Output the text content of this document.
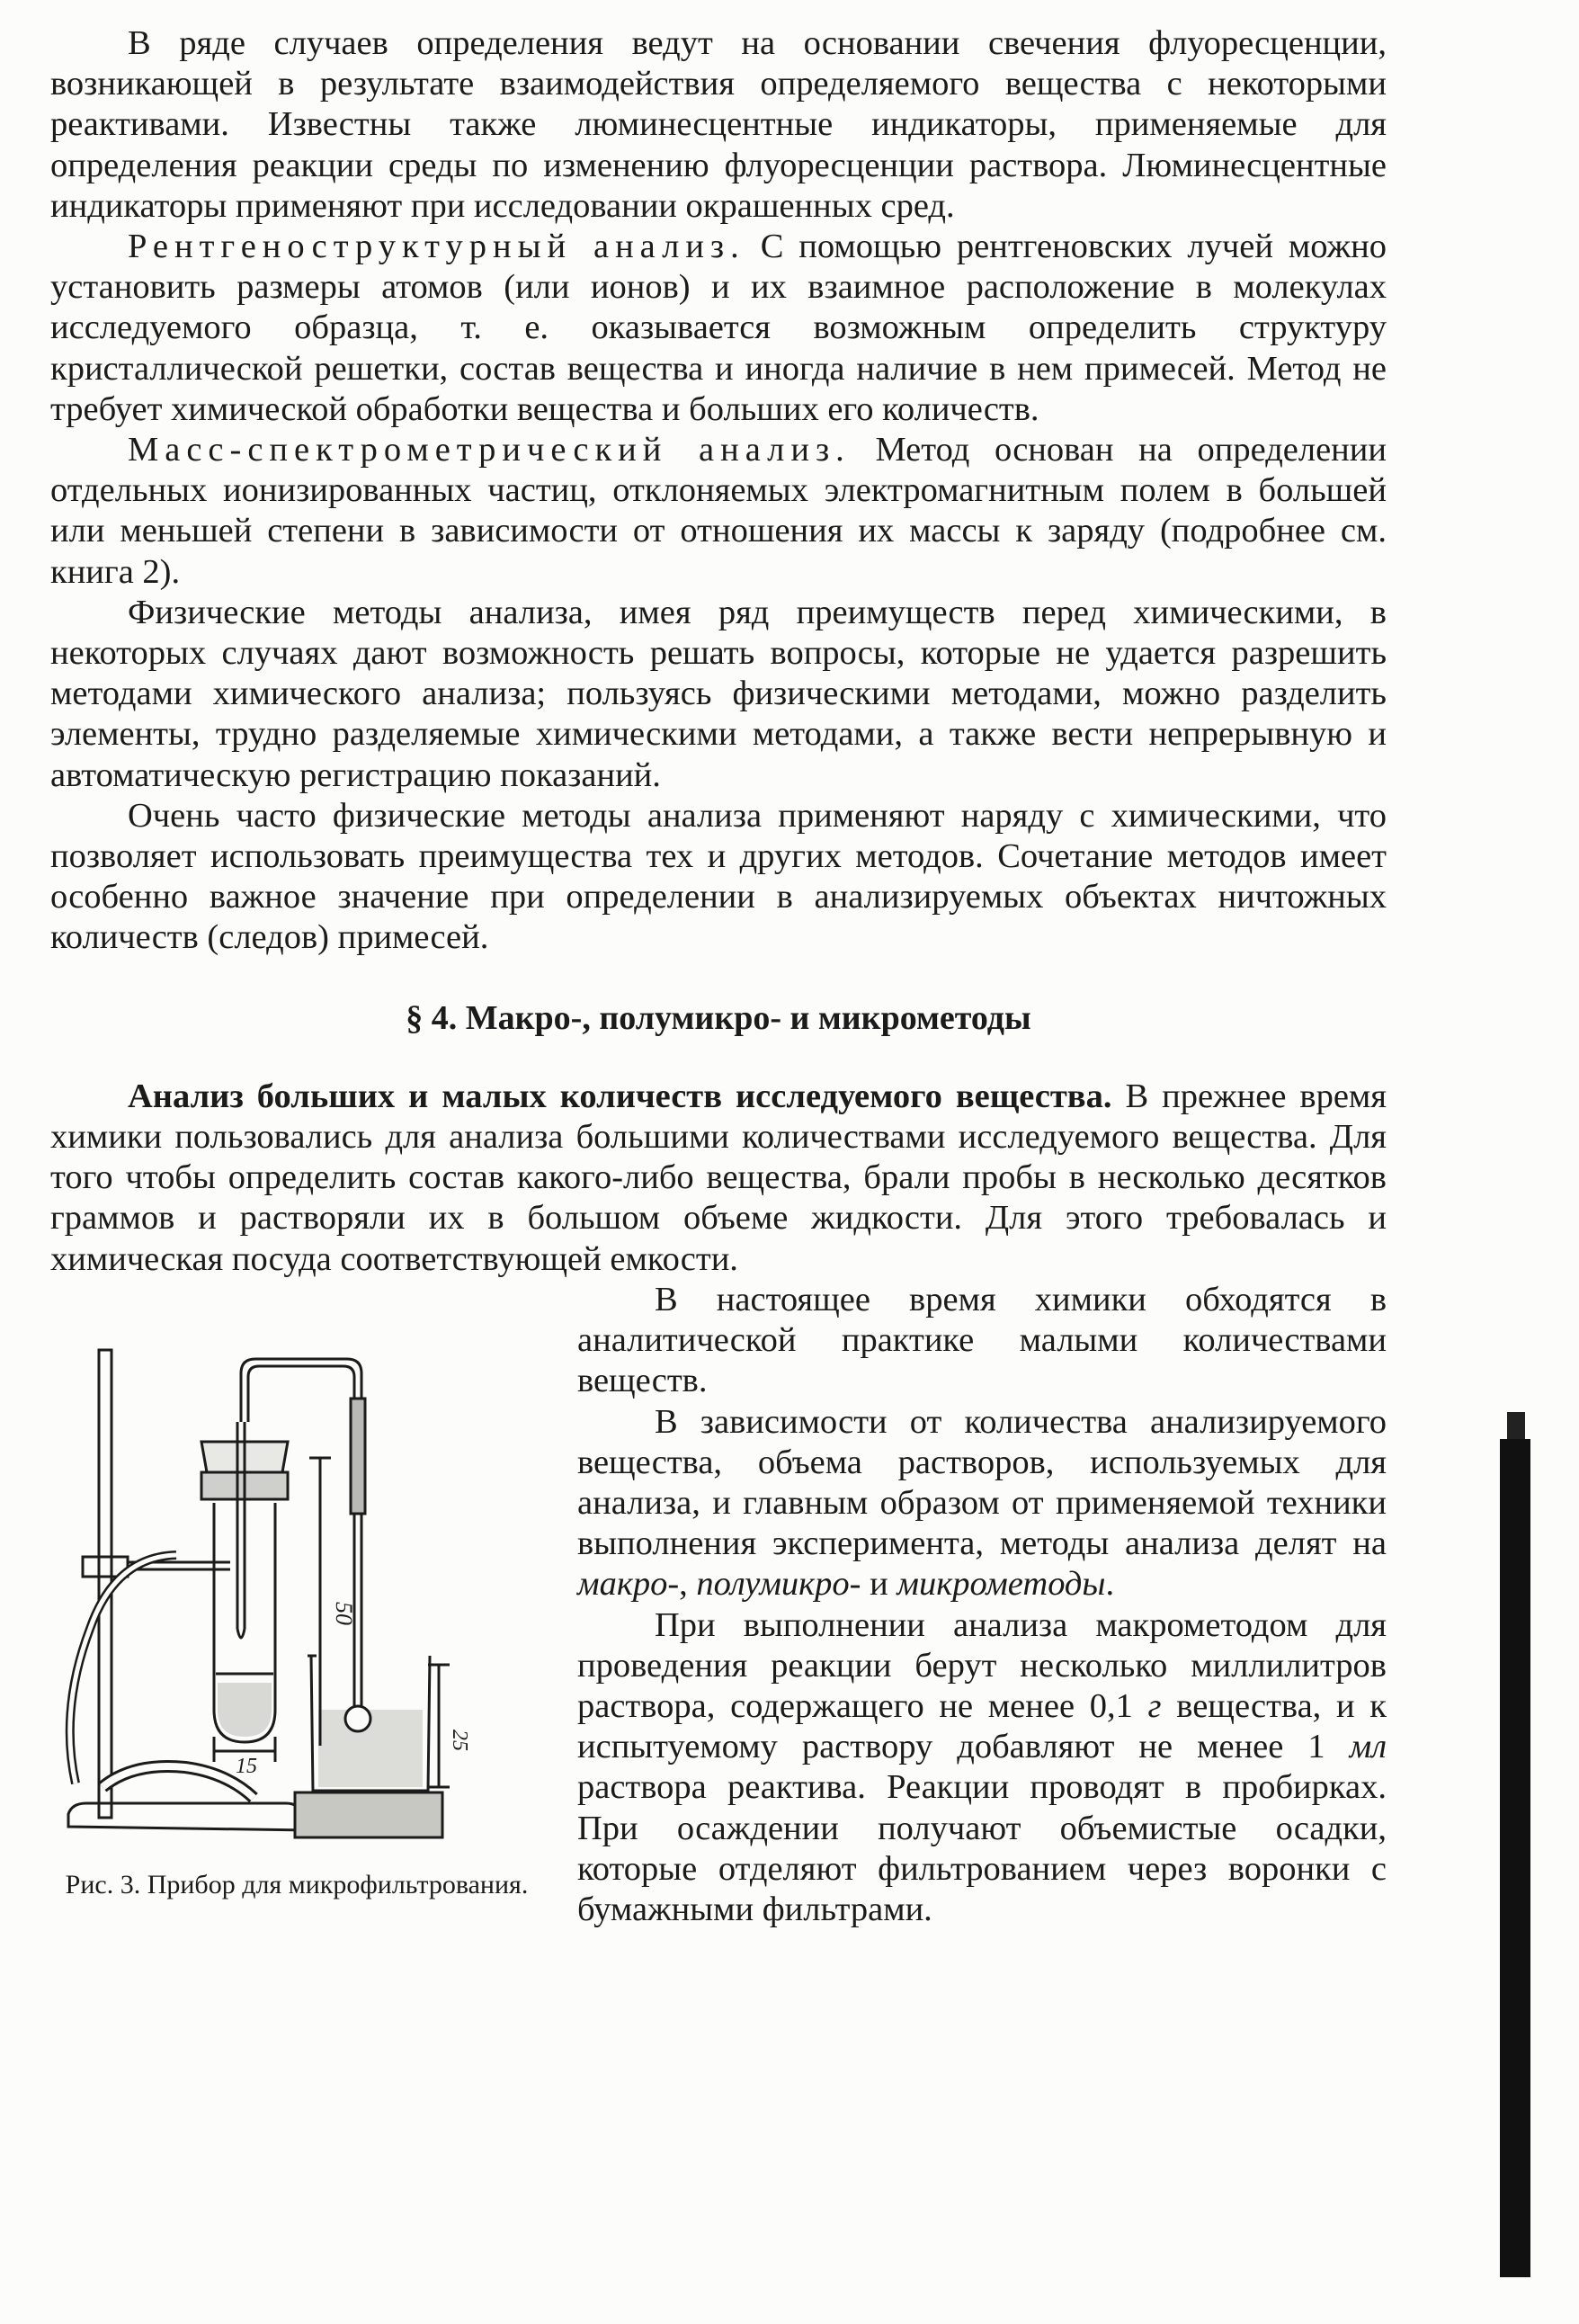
В ряде случаев определения ведут на основании свечения флуоресценции, возникающей в результате взаимодействия определяемого вещества с некоторыми реактивами. Известны также люминесцентные индикаторы, применяемые для определения реакции среды по изменению флуоресценции раствора. Люминесцентные индикаторы применяют при исследовании окрашенных сред.

Рентгеноструктурный анализ. С помощью рентгеновских лучей можно установить размеры атомов (или ионов) и их взаимное расположение в молекулах исследуемого образца, т. е. оказывается возможным определить структуру кристаллической решетки, состав вещества и иногда наличие в нем примесей. Метод не требует химической обработки вещества и больших его количеств.

Масс-спектрометрический анализ. Метод основан на определении отдельных ионизированных частиц, отклоняемых электромагнитным полем в большей или меньшей степени в зависимости от отношения их массы к заряду (подробнее см. книга 2).

Физические методы анализа, имея ряд преимуществ перед химическими, в некоторых случаях дают возможность решать вопросы, которые не удается разрешить методами химического анализа; пользуясь физическими методами, можно разделить элементы, трудно разделяемые химическими методами, а также вести непрерывную и автоматическую регистрацию показаний.

Очень часто физические методы анализа применяют наряду с химическими, что позволяет использовать преимущества тех и других методов. Сочетание методов имеет особенно важное значение при определении в анализируемых объектах ничтожных количеств (следов) примесей.

§ 4. Макро-, полумикро- и микрометоды

Анализ больших и малых количеств исследуемого вещества. В прежнее время химики пользовались для анализа большими количествами исследуемого вещества. Для того чтобы определить состав какого-либо вещества, брали пробы в несколько десятков граммов и растворяли их в большом объеме жидкости. Для этого требовалась и химическая посуда соответствующей емкости.

50
15
25
Рис. 3. Прибор для микрофильтрования.

В настоящее время химики обходятся в аналитической практике малыми количествами веществ.

В зависимости от количества анализируемого вещества, объема растворов, используемых для анализа, и главным образом от применяемой техники выполнения эксперимента, методы анализа делят на макро-, полумикро- и микрометоды.

При выполнении анализа макрометодом для проведения реакции берут несколько миллилитров раствора, содержащего не менее 0,1 г вещества, и к испытуемому раствору добавляют не менее 1 мл раствора реактива. Реакции проводят в пробирках. При осаждении получают объемистые осадки, которые отделяют фильтрованием через воронки с бумажными фильтрами.
